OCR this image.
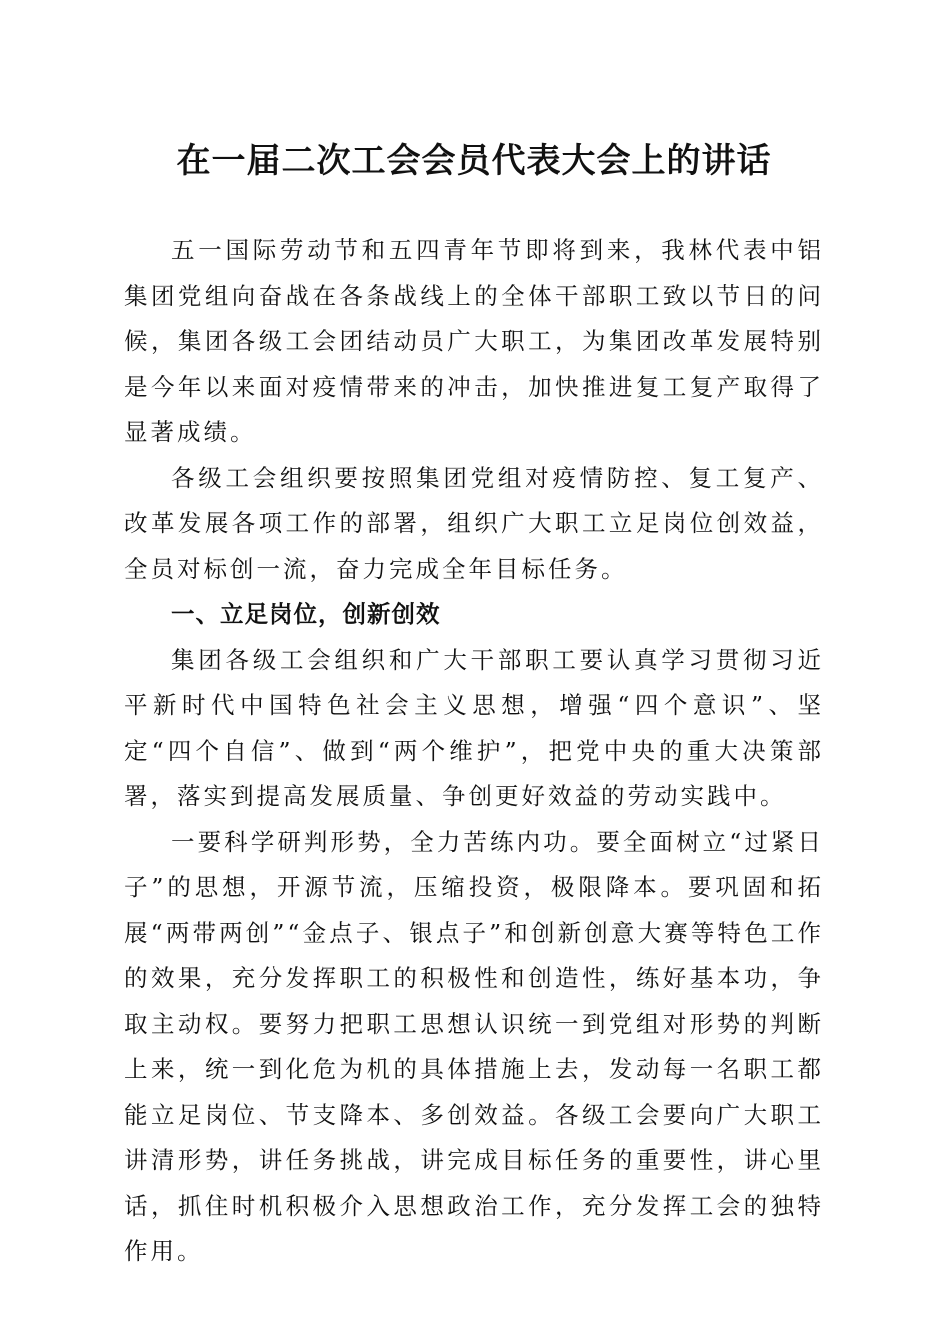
在一届二次工会会员代表大会上的讲话

五一国际劳动节和五四青年节即将到来，我林代表中铝集团党组向奋战在各条战线上的全体干部职工致以节日的问候，集团各级工会团结动员广大职工，为集团改革发展特别是今年以来面对疫情带来的冲击，加快推进复工复产取得了显著成绩。

各级工会组织要按照集团党组对疫情防控、复工复产、改革发展各项工作的部署，组织广大职工立足岗位创效益，全员对标创一流，奋力完成全年目标任务。

一、立足岗位，创新创效

集团各级工会组织和广大干部职工要认真学习贯彻习近平新时代中国特色社会主义思想，增强“四个意识”、坚定“四个自信”、做到“两个维护”，把党中央的重大决策部署，落实到提高发展质量、争创更好效益的劳动实践中。

一要科学研判形势，全力苦练内功。要全面树立“过紧日子”的思想，开源节流，压缩投资，极限降本。要巩固和拓展“两带两创”“金点子、银点子”和创新创意大赛等特色工作的效果，充分发挥职工的积极性和创造性，练好基本功，争取主动权。要努力把职工思想认识统一到党组对形势的判断上来，统一到化危为机的具体措施上去，发动每一名职工都能立足岗位、节支降本、多创效益。各级工会要向广大职工讲清形势，讲任务挑战，讲完成目标任务的重要性，讲心里话，抓住时机积极介入思想政治工作，充分发挥工会的独特作用。
